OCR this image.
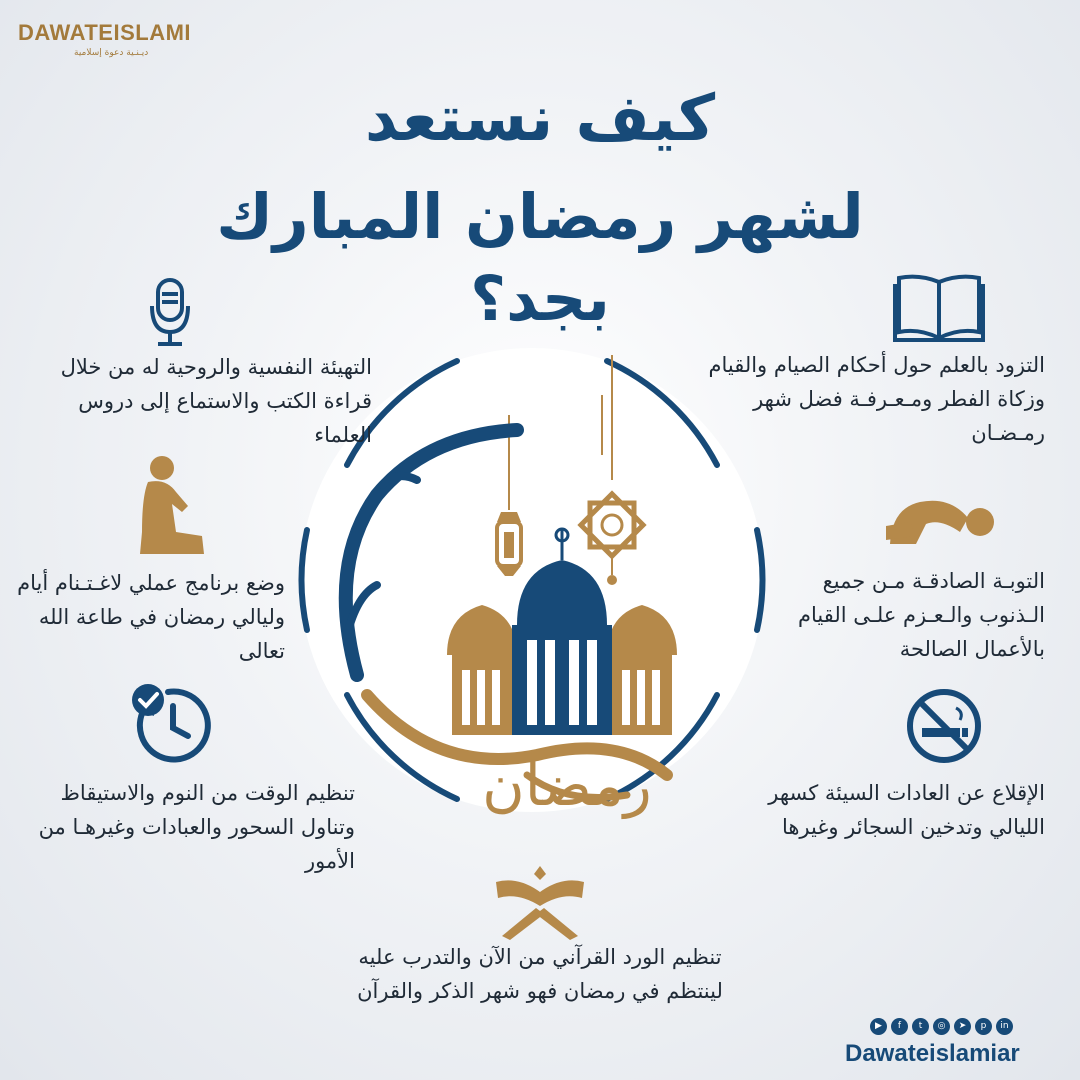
DAWATEISLAMI
ديـنـية دعوة إسلامية
كيف نستعد
لشهر رمضان المبارك بجد؟
رمضان
التزود بالعلم حول أحكام الصيام والقيام وزكاة الفطر ومـعـرفـة فضل شهر رمـضـان
التهيئة النفسية والروحية له من خلال قراءة الكتب والاستماع إلى دروس العلماء
التوبـة الصادقـة مـن جميع الـذنوب والـعـزم علـى القيام بالأعمال الصالحة
وضع برنامج عملي لاغـتـنام أيام وليالي رمضان في طاعة الله تعالى
الإقلاع عن العادات السيئة كسهر الليالي وتدخين السجائر وغيرها
تنظيم الوقت من النوم والاستيقاظ وتناول السحور والعبادات وغيرهـا من الأمور
تنظيم الورد القرآني من الآن والتدرب عليه لينتظم في رمضان فهو شهر الذكر والقرآن
▶	f	t	◎	➤	p	in
Dawateislamiar
